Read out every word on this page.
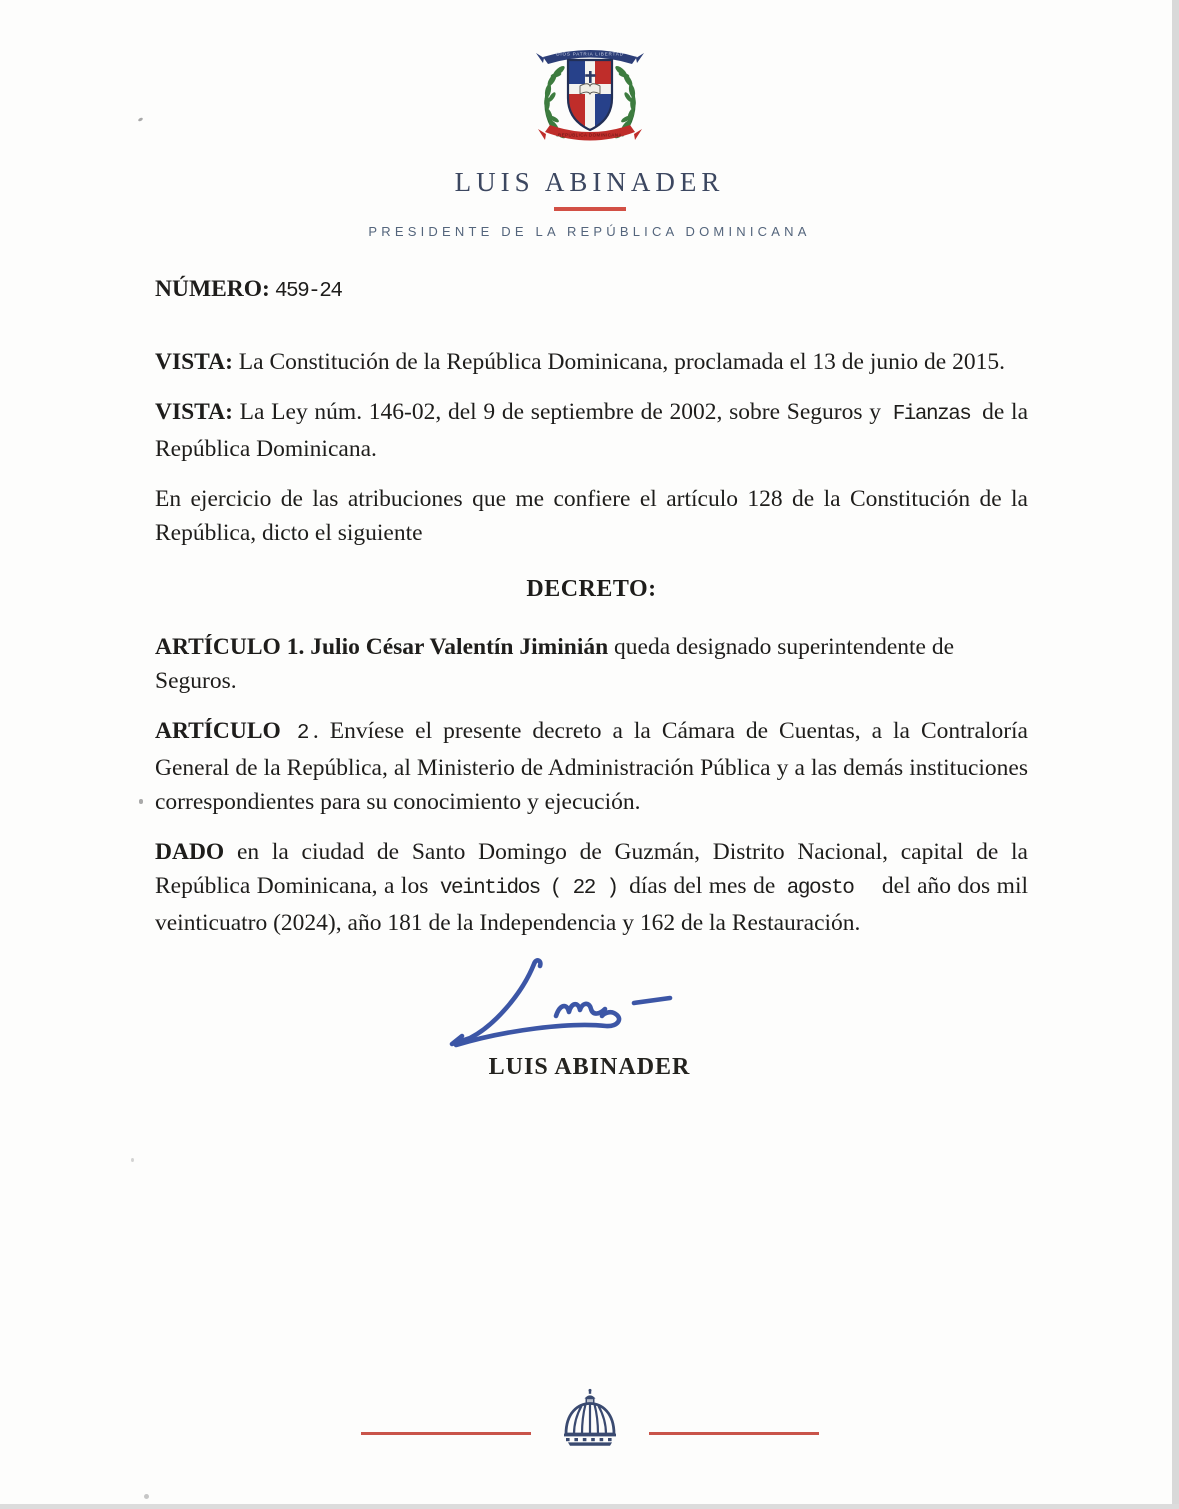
DIOS PATRIA LIBERTAD
REPÚBLICA DOMINICANA
LUIS ABINADER
PRESIDENTE DE LA REPÚBLICA DOMINICANA

NÚMERO: 459-24

VISTA: La Constitución de la República Dominicana, proclamada el 13 de junio de 2015.

VISTA: La Ley núm. 146-02, del 9 de septiembre de 2002, sobre Seguros y Fianzas de la República Dominicana.

En ejercicio de las atribuciones que me confiere el artículo 128 de la Constitución de la República, dicto el siguiente

DECRETO:

ARTÍCULO 1. Julio César Valentín Jiminián queda designado superintendente de Seguros.

ARTÍCULO 2 . Envíese el presente decreto a la Cámara de Cuentas, a la Contraloría General de la República, al Ministerio de Administración Pública y a las demás instituciones correspondientes para su conocimiento y ejecución.

DADO en la ciudad de Santo Domingo de Guzmán, Distrito Nacional, capital de la República Dominicana, a los veintidos ( 22 ) días del mes de agosto del año dos mil veinticuatro (2024), año 181 de la Independencia y 162 de la Restauración.

LUIS ABINADER
